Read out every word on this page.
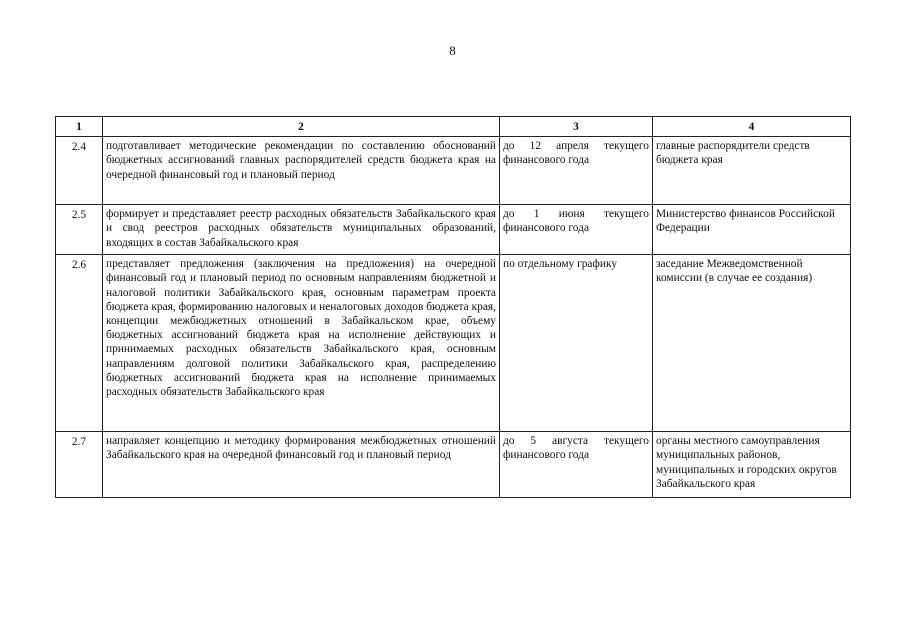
8
1	2	3	4
2.4	подготавливает методические рекомендации по составлению обоснований бюджетных ассигнований главных распорядителей средств бюджета края на очередной финансовый год и плановый период	до 12 апреля текущего финансового года	главные распорядители средств бюджета края
2.5	формирует и представляет реестр расходных обязательств Забайкальского края и свод реестров расходных обязательств муниципальных образований, входящих в состав Забайкальского края	до 1 июня текущего финансового года	Министерство финансов Российской Федерации
2.6	представляет предложения (заключения на предложения) на очередной финансовый год и плановый период по основным направлениям бюджетной и налоговой политики Забайкальского края, основным параметрам проекта бюджета края, формированию налоговых и неналоговых доходов бюджета края, концепции межбюджетных отношений в Забайкальском крае, объему бюджетных ассигнований бюджета края на исполнение действующих и принимаемых расходных обязательств Забайкальского края, основным направлениям долговой политики Забайкальского края, распределению бюджетных ассигнований бюджета края на исполнение принимаемых расходных обязательств Забайкальского края	по отдельному графику	заседание Межведомственной комиссии (в случае ее создания)
2.7	направляет концепцию и методику формирования межбюджетных отношений Забайкальского края на очередной финансовый год и плановый период	до 5 августа текущего финансового года	органы местного самоуправления муниципальных районов, муниципальных и городских округов Забайкальского края
